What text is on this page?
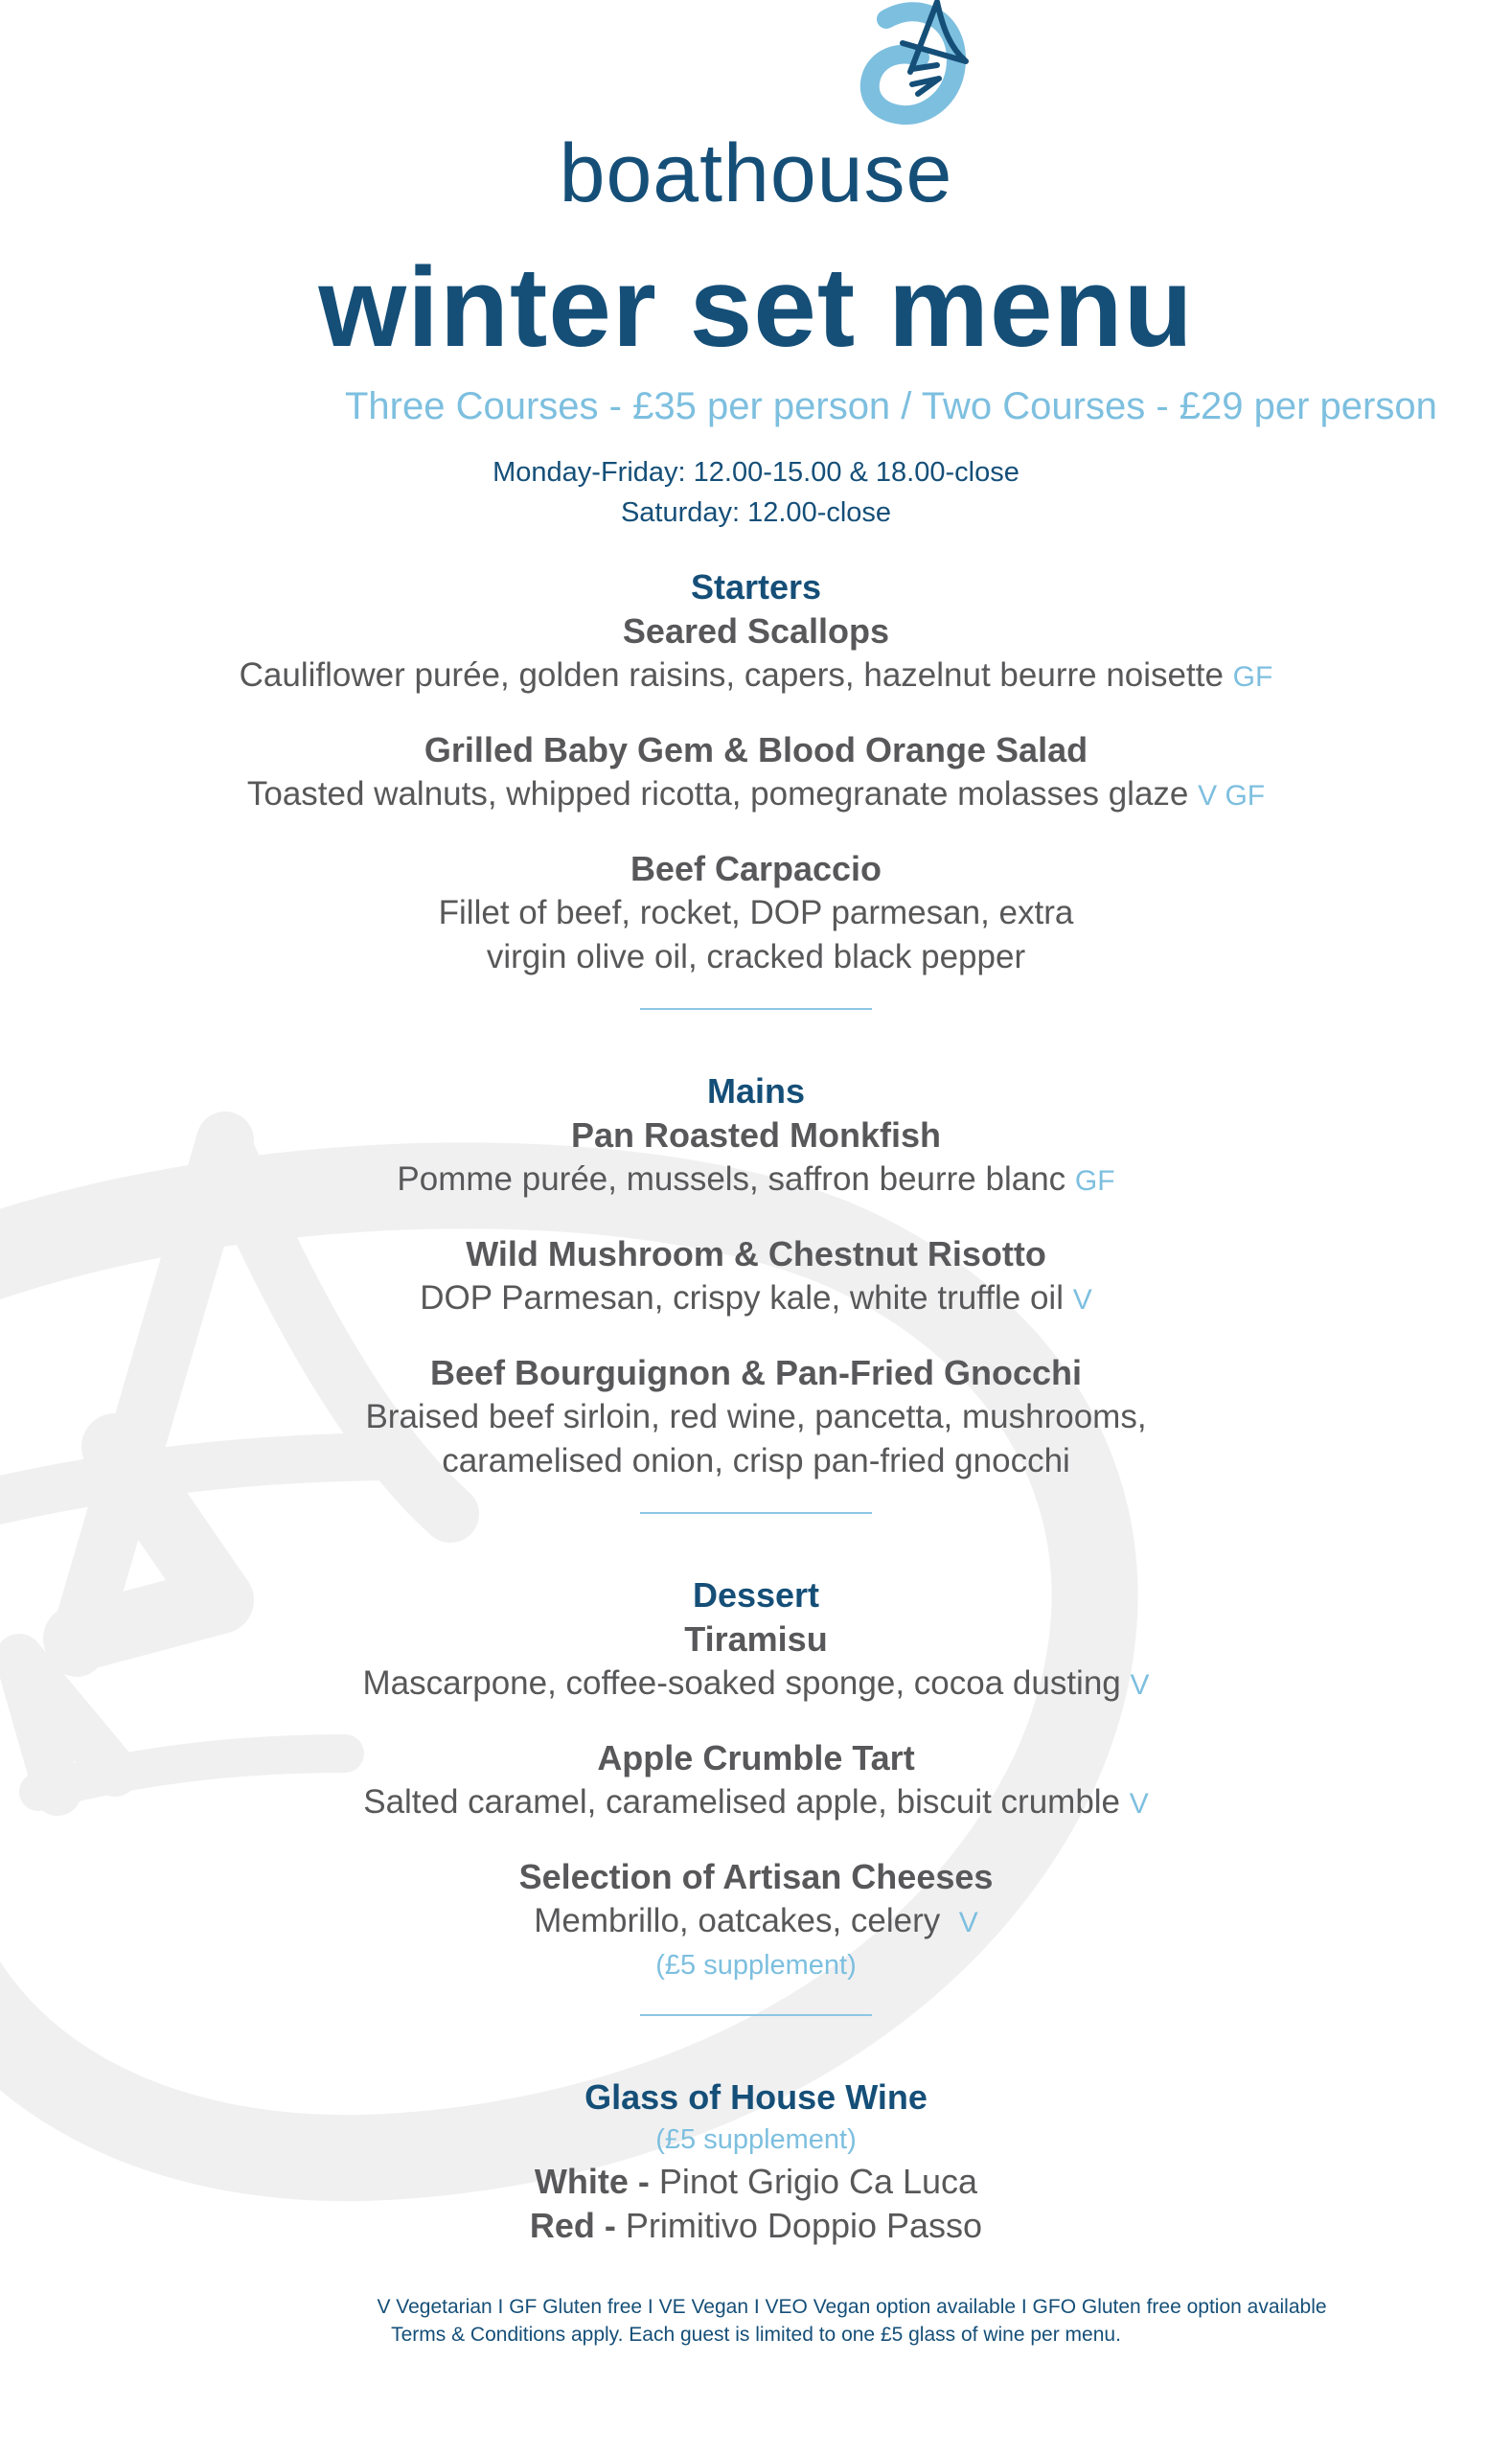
boathouse
winter set menu
Three Courses - £35 per person / Two Courses - £29 per person
Monday-Friday: 12.00-15.00 & 18.00-close
Saturday: 12.00-close
Starters
Seared Scallops
Cauliflower purée, golden raisins, capers, hazelnut beurre noisette GF
Grilled Baby Gem & Blood Orange Salad
Toasted walnuts, whipped ricotta, pomegranate molasses glaze V GF
Beef Carpaccio
Fillet of beef, rocket, DOP parmesan, extra
virgin olive oil, cracked black pepper
Mains
Pan Roasted Monkfish
Pomme purée, mussels, saffron beurre blanc GF
Wild Mushroom & Chestnut Risotto
DOP Parmesan, crispy kale, white truffle oil V
Beef Bourguignon & Pan-Fried Gnocchi
Braised beef sirloin, red wine, pancetta, mushrooms,
caramelised onion, crisp pan-fried gnocchi
Dessert
Tiramisu
Mascarpone, coffee-soaked sponge, cocoa dusting V
Apple Crumble Tart
Salted caramel, caramelised apple, biscuit crumble V
Selection of Artisan Cheeses
Membrillo, oatcakes, celery V
(£5 supplement)
Glass of House Wine
(£5 supplement)
White - Pinot Grigio Ca Luca
Red - Primitivo Doppio Passo
V Vegetarian I GF Gluten free I VE Vegan I VEO Vegan option available I GFO Gluten free option available
Terms & Conditions apply. Each guest is limited to one £5 glass of wine per menu.
